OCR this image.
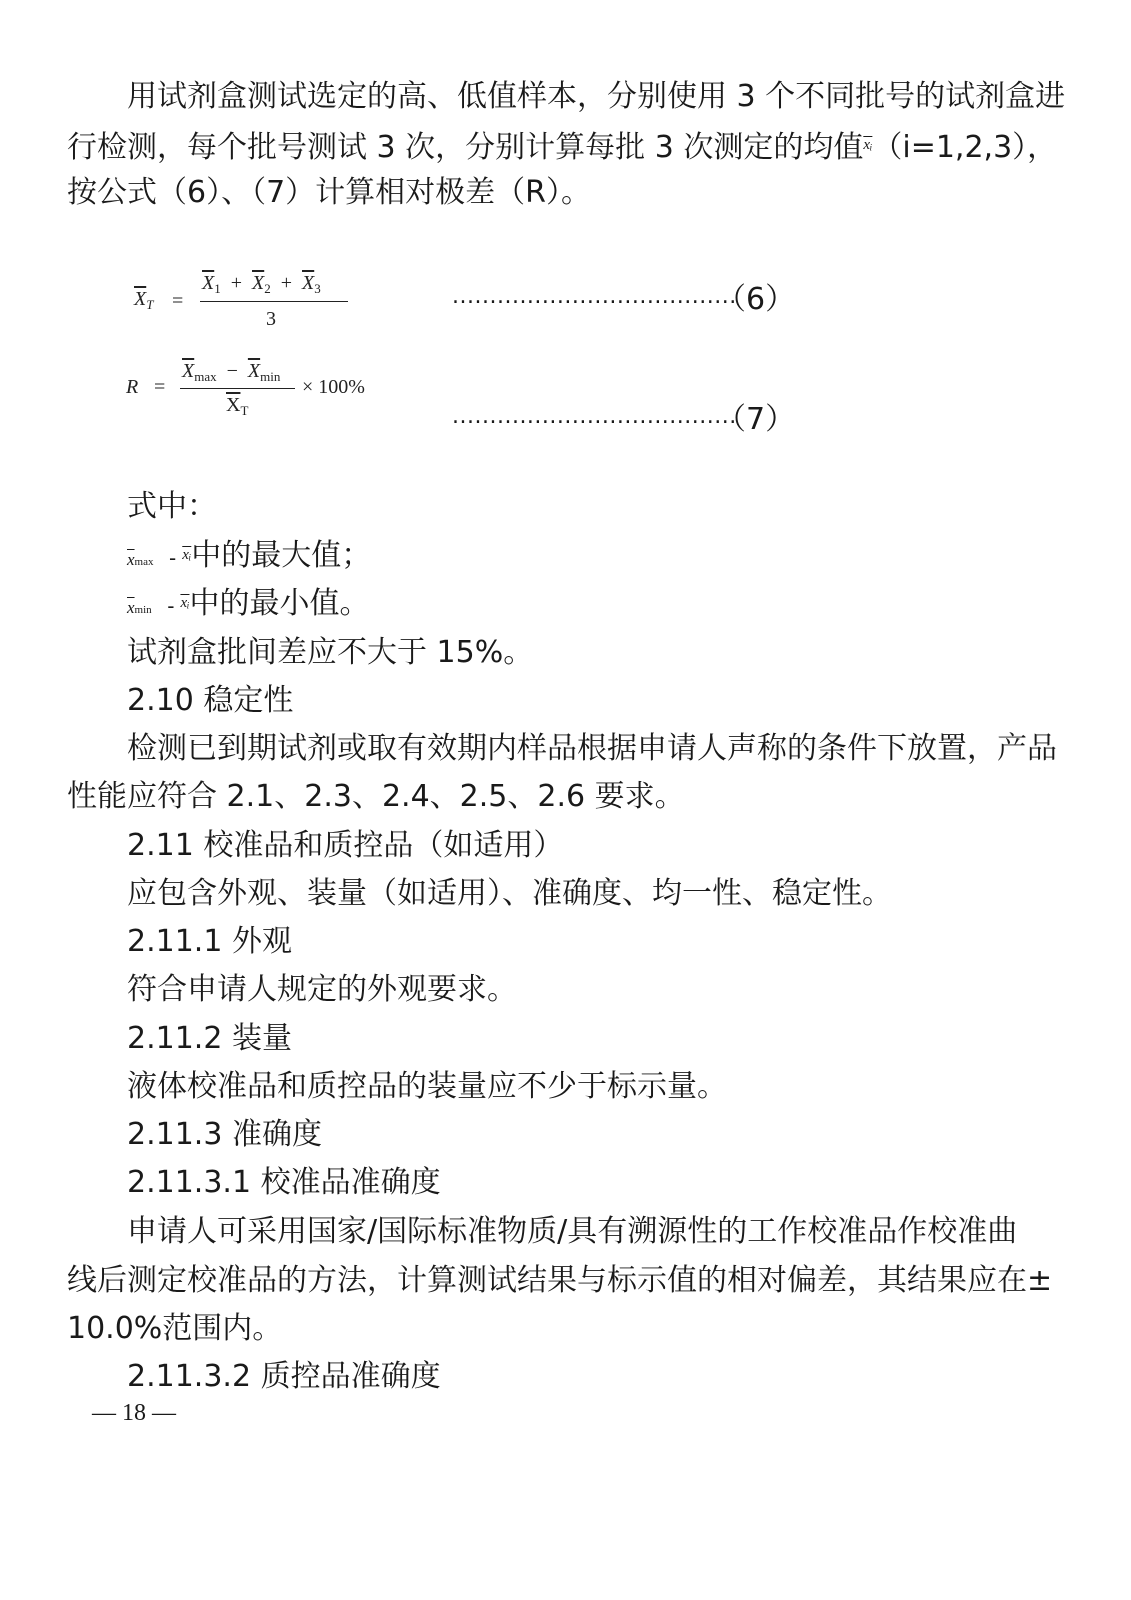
用试剂盒测试选定的高、低值样本，分别使用 3 个不同批号的试剂盒进
行检测，每个批号测试 3 次，分别计算每批 3 次测定的均值$^{\overline{xᵢ}}$（i=1,2,3），
按公式（6）、（7）计算相对极差（R）。
$\overline{X}_T$ =
$\overline{X}_1 + \overline{X}_2 + \overline{X}_3$
3
......................................
（6）
R =
$\overline{X}_{max} - \overline{X}_{min}$
$\overline{X}_T$
× 100%
......................................
（7）
式中：
$\overline{x}\max - ^{\overline{xᵢ}}$中的最大值；
$\overline{x}\min - ^{\overline{xᵢ}}$中的最小值。
试剂盒批间差应不大于 15%。
2.10 稳定性
检测已到期试剂或取有效期内样品根据申请人声称的条件下放置，产品
性能应符合 2.1、2.3、2.4、2.5、2.6 要求。
2.11 校准品和质控品（如适用）
应包含外观、装量（如适用）、准确度、均一性、稳定性。
2.11.1 外观
符合申请人规定的外观要求。
2.11.2 装量
液体校准品和质控品的装量应不少于标示量。
2.11.3 准确度
2.11.3.1 校准品准确度
申请人可采用国家/国际标准物质/具有溯源性的工作校准品作校准曲
线后测定校准品的方法，计算测试结果与标示值的相对偏差，其结果应在±
10.0%范围内。
2.11.3.2 质控品准确度
— 18 —
